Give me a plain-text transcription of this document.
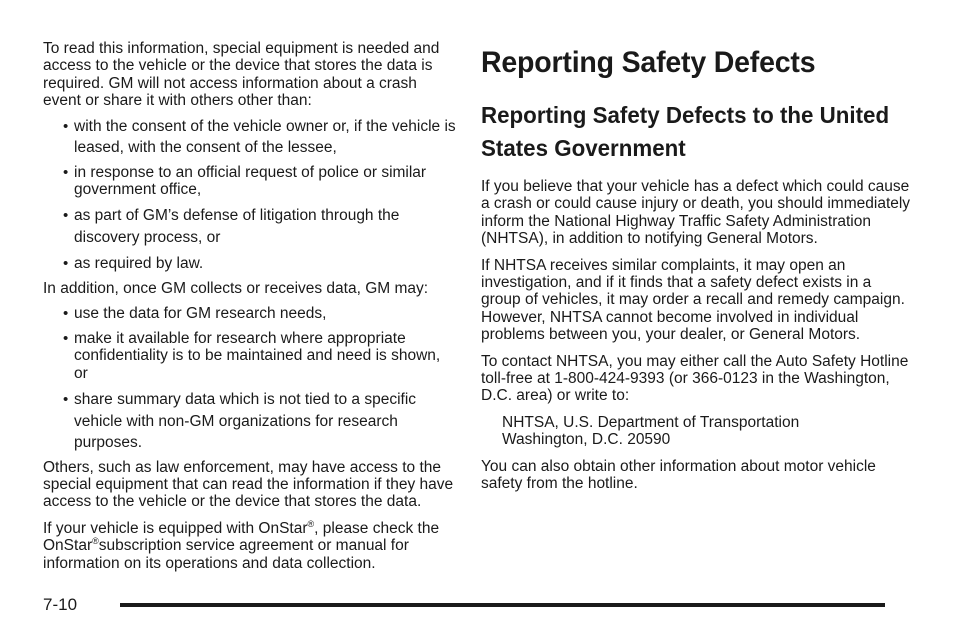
To read this information, special equipment is needed and access to the vehicle or the device that stores the data is required. GM will not access information about a crash event or share it with others other than:

• with the consent of the vehicle owner or, if the vehicle is leased, with the consent of the lessee,
• in response to an official request of police or similar government office,
• as part of GM’s defense of litigation through the discovery process, or
• as required by law.

In addition, once GM collects or receives data, GM may:

• use the data for GM research needs,
• make it available for research where appropriate confidentiality is to be maintained and need is shown, or
• share summary data which is not tied to a specific vehicle with non-GM organizations for research purposes.

Others, such as law enforcement, may have access to the special equipment that can read the information if they have access to the vehicle or the device that stores the data.

If your vehicle is equipped with OnStar®, please check the OnStar®subscription service agreement or manual for information on its operations and data collection.

Reporting Safety Defects
Reporting Safety Defects to the United States Government

If you believe that your vehicle has a defect which could cause a crash or could cause injury or death, you should immediately inform the National Highway Traffic Safety Administration (NHTSA), in addition to notifying General Motors.

If NHTSA receives similar complaints, it may open an investigation, and if it finds that a safety defect exists in a group of vehicles, it may order a recall and remedy campaign. However, NHTSA cannot become involved in individual problems between you, your dealer, or General Motors.

To contact NHTSA, you may either call the Auto Safety Hotline toll-free at 1-800-424-9393 (or 366-0123 in the Washington, D.C. area) or write to:

NHTSA, U.S. Department of Transportation

Washington, D.C. 20590

You can also obtain other information about motor vehicle safety from the hotline.

7-10
